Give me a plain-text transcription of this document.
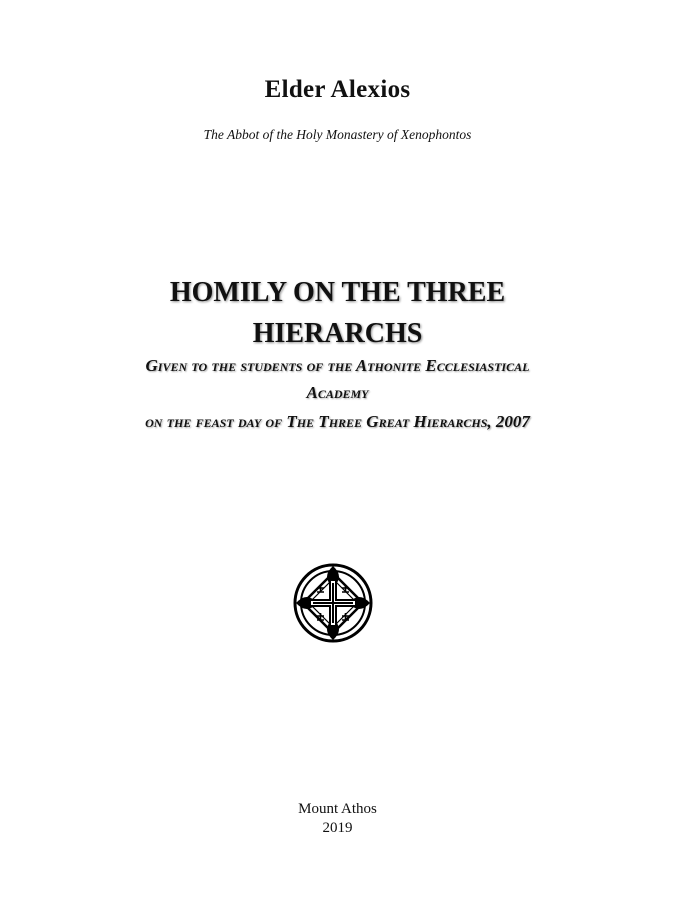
Elder Alexios
The Abbot of the Holy Monastery of Xenophontos
HOMILY ON THE THREE
HIERARCHS
Given to the students of the Athonite Ecclesiastical
Academy
on the feast day of The Three Great Hierarchs, 2007
Mount Athos
2019
